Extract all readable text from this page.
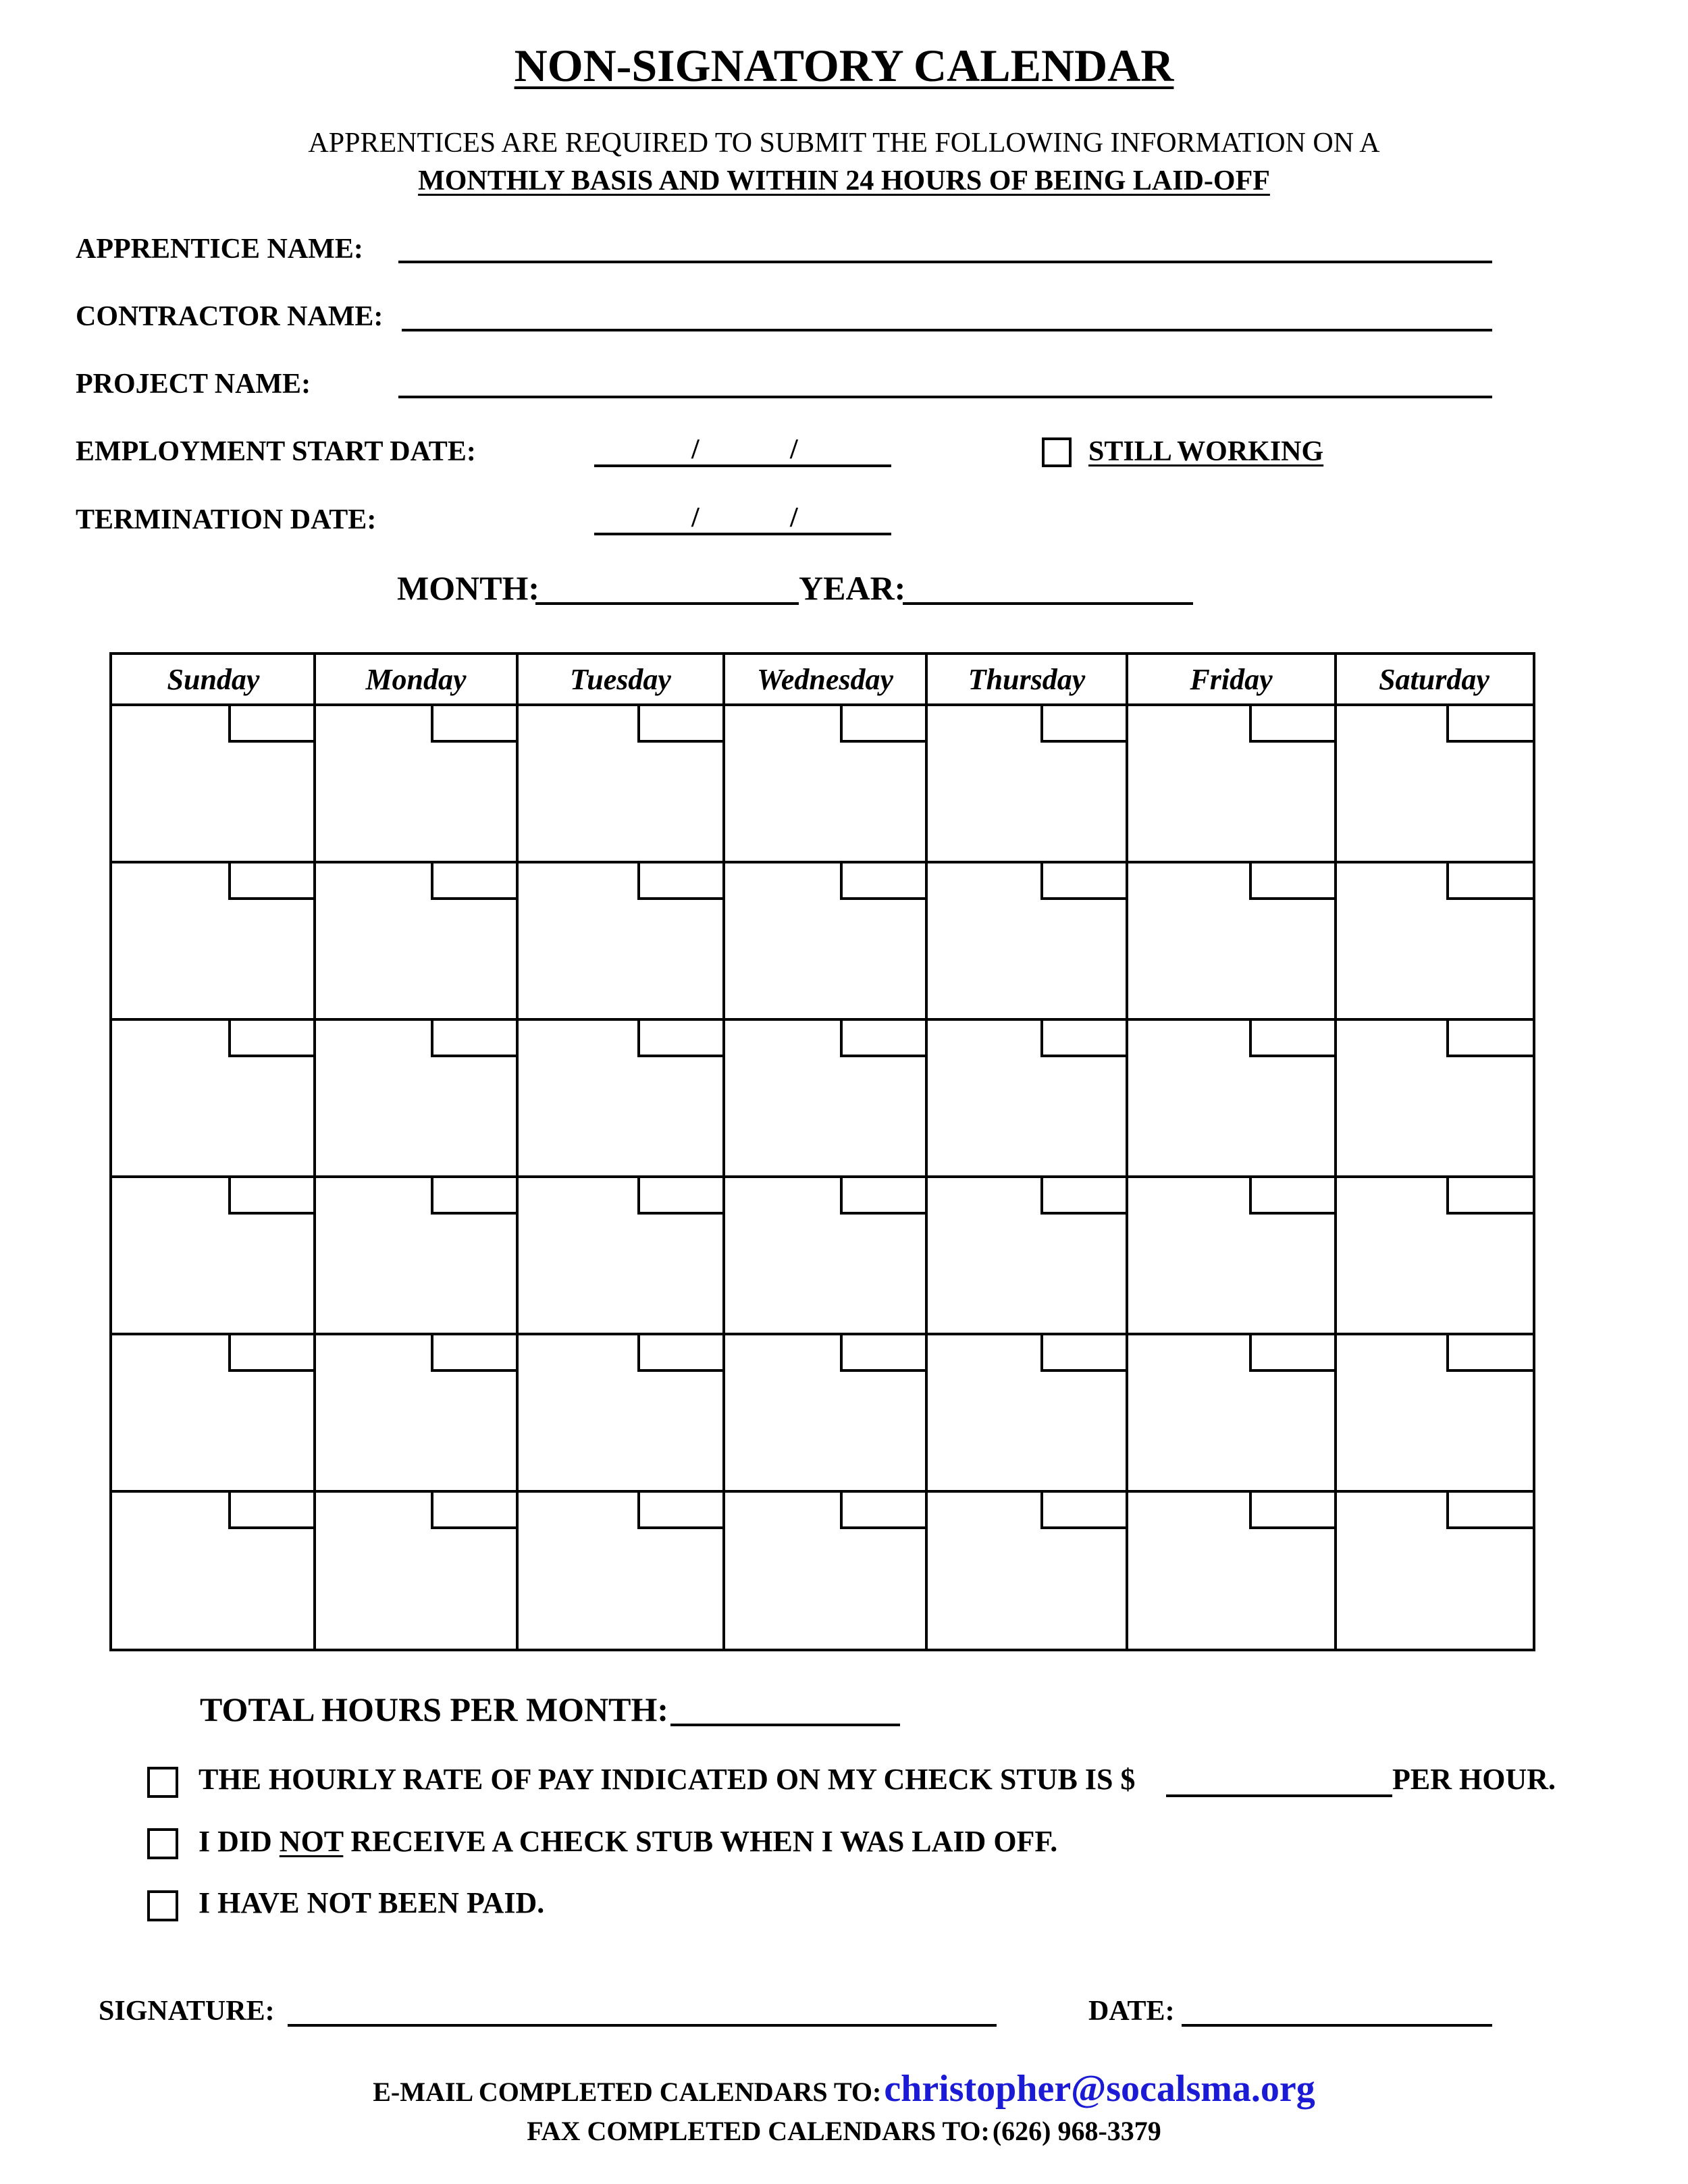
NON-SIGNATORY CALENDAR
APPRENTICES ARE REQUIRED TO SUBMIT THE FOLLOWING INFORMATION ON A
MONTHLY BASIS AND WITHIN 24 HOURS OF BEING LAID-OFF
APPRENTICE NAME:
CONTRACTOR NAME:
PROJECT NAME:
EMPLOYMENT START DATE:	/	/	STILL WORKING
TERMINATION DATE:	/	/
MONTH:	YEAR:
Sunday	Monday	Tuesday	Wednesday	Thursday	Friday	Saturday
TOTAL HOURS PER MONTH:
THE HOURLY RATE OF PAY INDICATED ON MY CHECK STUB IS $	PER HOUR.
I DID NOT RECEIVE A CHECK STUB WHEN I WAS LAID OFF.
I HAVE NOT BEEN PAID.
SIGNATURE:	DATE:
E-MAIL COMPLETED CALENDARS TO: christopher@socalsma.org
FAX COMPLETED CALENDARS TO: (626) 968-3379
